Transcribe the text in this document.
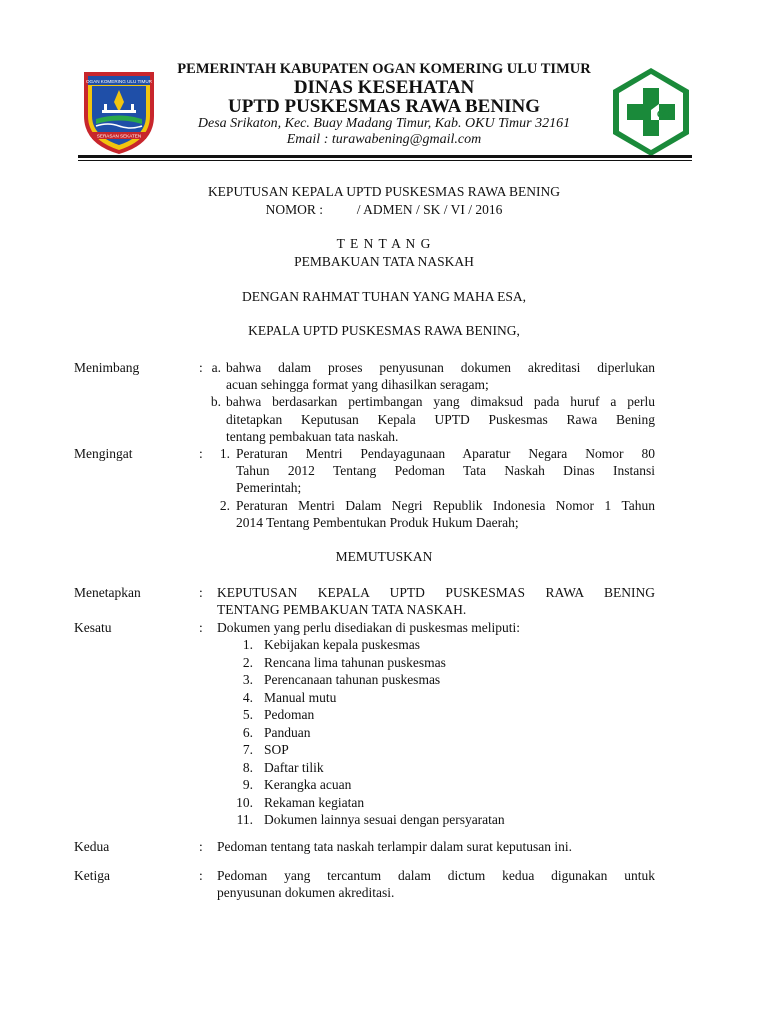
OGAN KOMERING ULU TIMUR
SERASAN SEKATEN
PEMERINTAH KABUPATEN OGAN KOMERING ULU TIMUR
DINAS KESEHATAN
UPTD PUSKESMAS RAWA BENING
Desa Srikaton, Kec. Buay Madang Timur, Kab. OKU Timur 32161
Email : turawabening@gmail.com
KEPUTUSAN KEPALA UPTD PUSKESMAS RAWA BENING
NOMOR :          / ADMEN / SK / VI / 2016
T E N T A N G
PEMBAKUAN TATA NASKAH
DENGAN RAHMAT TUHAN YANG MAHA ESA,
KEPALA UPTD PUSKESMAS RAWA BENING,
Menimbang	: a. bahwa dalam proses penyusunan dokumen akreditasi diperlukan
acuan sehingga format yang dihasilkan seragam;
b. bahwa berdasarkan pertimbangan yang dimaksud pada huruf a perlu
ditetapkan Keputusan Kepala UPTD Puskesmas Rawa Bening
tentang pembakuan tata naskah.
Mengingat	:	1. Peraturan Mentri Pendayagunaan Aparatur Negara Nomor 80
Tahun 2012 Tentang Pedoman Tata Naskah Dinas Instansi
Pemerintah;
2. Peraturan Mentri Dalam Negri Republik Indonesia Nomor 1 Tahun
2014 Tentang Pembentukan Produk Hukum Daerah;
MEMUTUSKAN
Menetapkan	: KEPUTUSAN KEPALA UPTD PUSKESMAS RAWA BENING
TENTANG PEMBAKUAN TATA NASKAH.
Kesatu	: Dokumen yang perlu disediakan di puskesmas meliputi:
1. Kebijakan kepala puskesmas
2. Rencana lima tahunan puskesmas
3. Perencanaan tahunan puskesmas
4. Manual mutu
5. Pedoman
6. Panduan
7. SOP
8. Daftar tilik
9. Kerangka acuan
10. Rekaman kegiatan
11. Dokumen lainnya sesuai dengan persyaratan
Kedua	: Pedoman tentang tata naskah terlampir dalam surat keputusan ini.
Ketiga	: Pedoman yang tercantum dalam dictum kedua digunakan untuk
penyusunan dokumen akreditasi.
